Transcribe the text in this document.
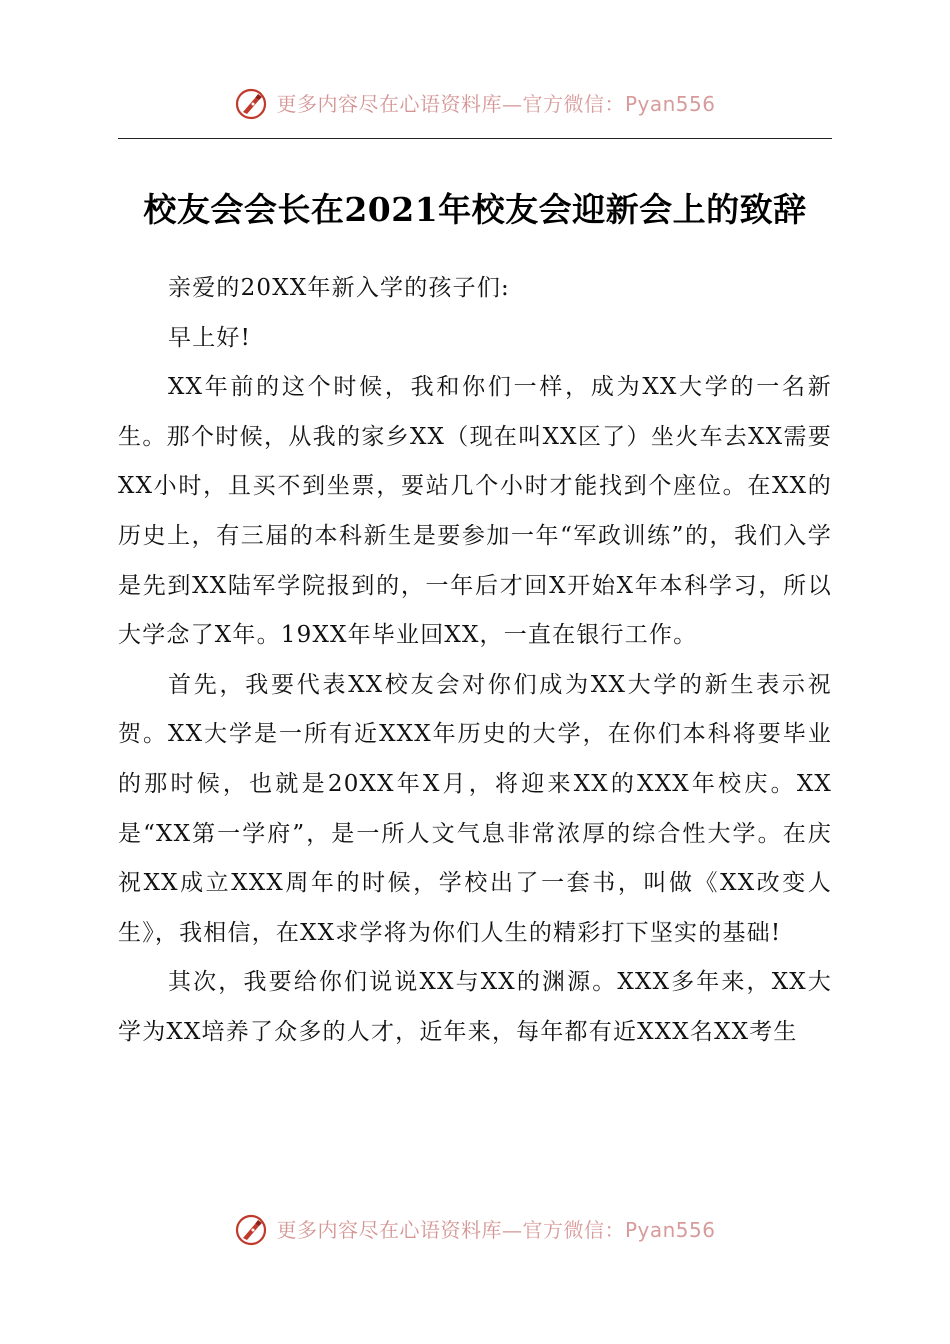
更多内容尽在心语资料库—官方微信：Pyan556
校友会会长在2021年校友会迎新会上的致辞

亲爱的20XX年新入学的孩子们:

早上好!

XX年前的这个时候，我和你们一样，成为XX大学的一名新生。那个时候，从我的家乡XX（现在叫XX区了）坐火车去XX需要XX小时，且买不到坐票，要站几个小时才能找到个座位。在XX的历史上，有三届的本科新生是要参加一年“军政训练”的，我们入学是先到XX陆军学院报到的，一年后才回X开始X年本科学习，所以大学念了X年。19XX年毕业回XX，一直在银行工作。

首先，我要代表XX校友会对你们成为XX大学的新生表示祝贺。XX大学是一所有近XXX年历史的大学，在你们本科将要毕业的那时候，也就是20XX年X月，将迎来XX的XXX年校庆。XX是“XX第一学府”，是一所人文气息非常浓厚的综合性大学。在庆祝XX成立XXX周年的时候，学校出了一套书，叫做《XX改变人生》，我相信，在XX求学将为你们人生的精彩打下坚实的基础!

其次，我要给你们说说XX与XX的渊源。XXX多年来，XX大学为XX培养了众多的人才，近年来，每年都有近XXX名XX考生

更多内容尽在心语资料库—官方微信：Pyan556
